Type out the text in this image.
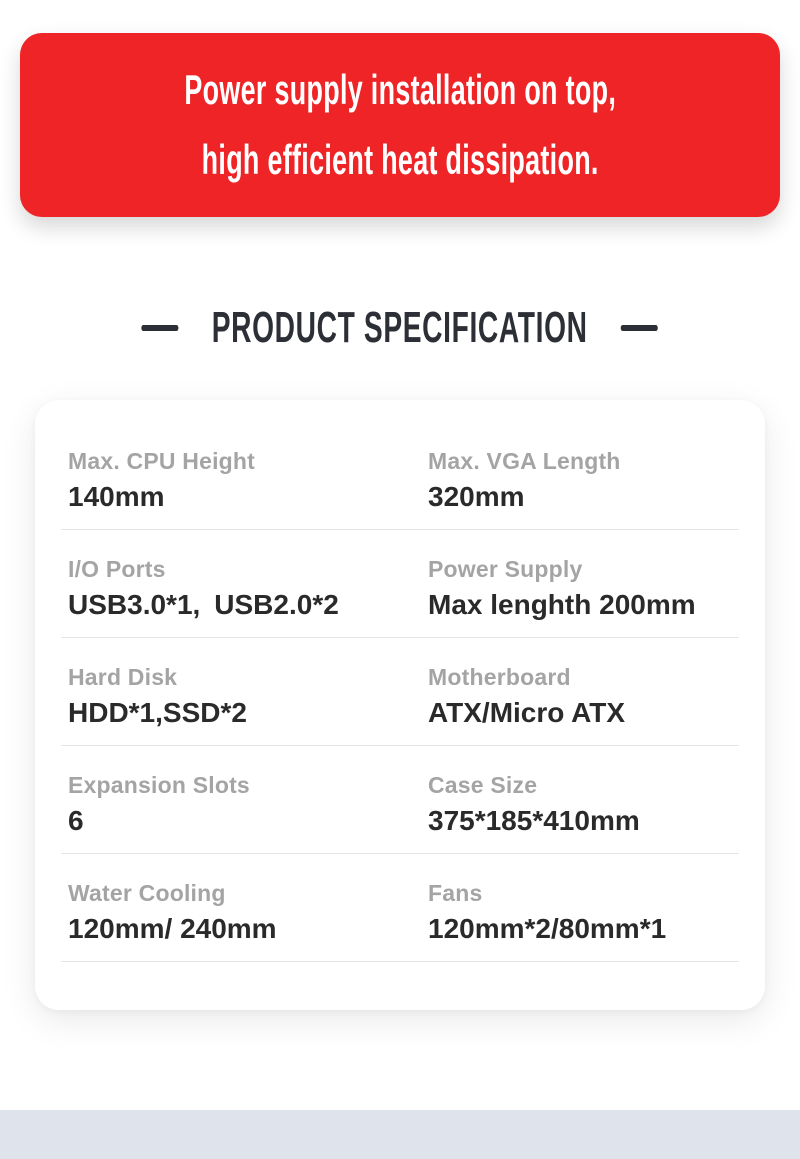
Power supply installation on top,
high efficient heat dissipation.
PRODUCT SPECIFICATION
Max. CPU Height
140mm
Max. VGA Length
320mm
I/O Ports
USB3.0*1, USB2.0*2
Power Supply
Max lenghth 200mm
Hard Disk
HDD*1,SSD*2
Motherboard
ATX/Micro ATX
Expansion Slots
6
Case Size
375*185*410mm
Water Cooling
120mm/ 240mm
Fans
120mm*2/80mm*1
